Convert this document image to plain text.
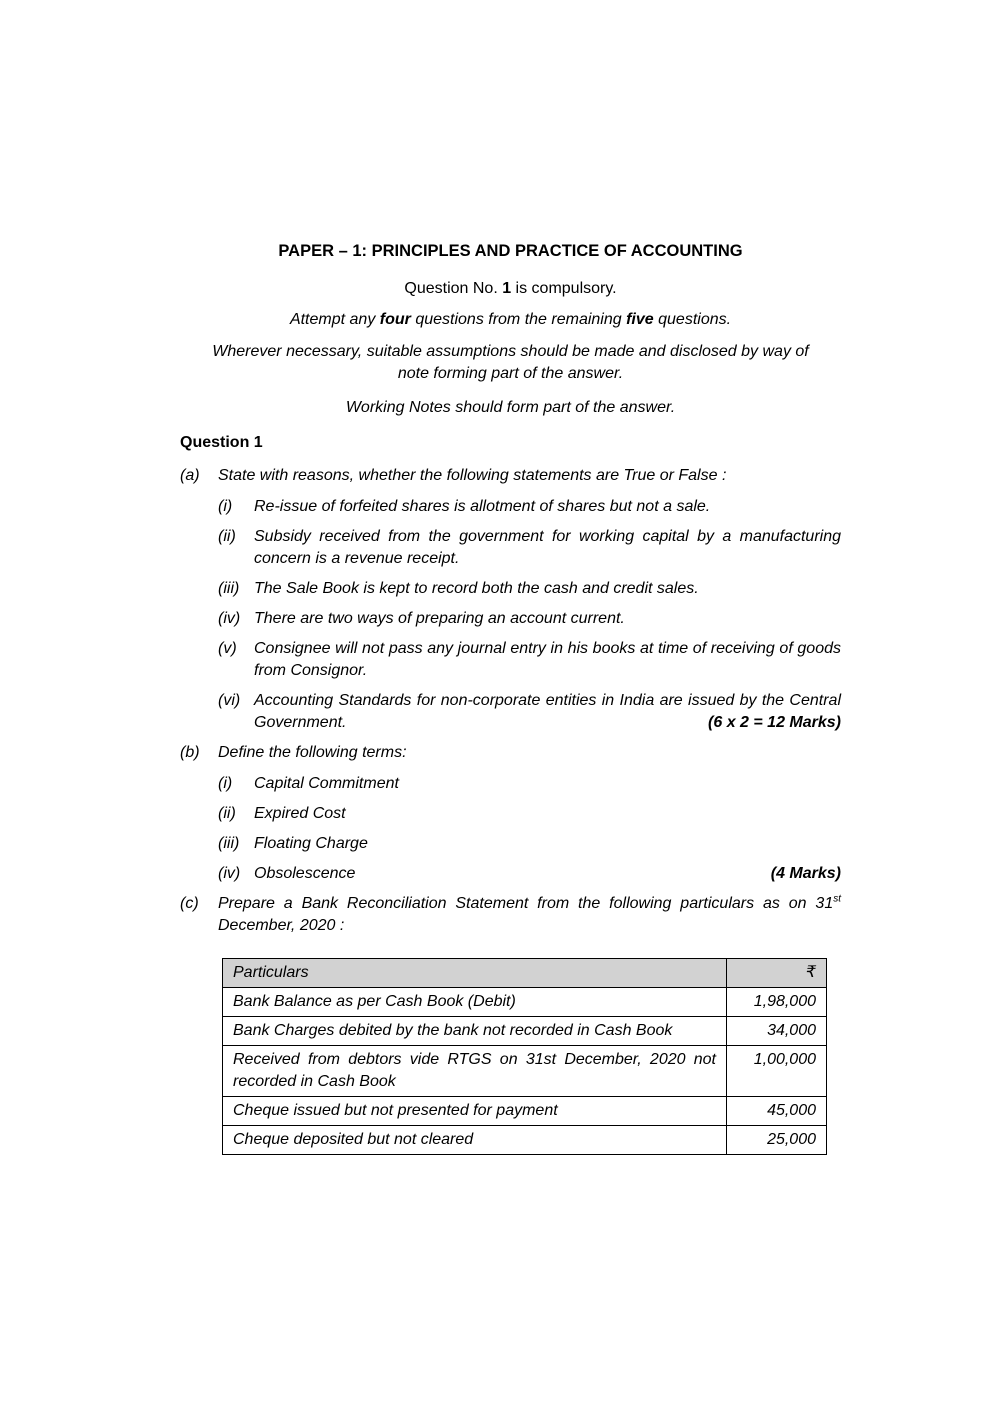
PAPER – 1: PRINCIPLES AND PRACTICE OF ACCOUNTING

Question No. 1 is compulsory.

Attempt any four questions from the remaining five questions.

Wherever necessary, suitable assumptions should be made and disclosed by way of note forming part of the answer.

Working Notes should form part of the answer.

Question 1
(a)	State with reasons, whether the following statements are True or False :

(i)	Re-issue of forfeited shares is allotment of shares but not a sale.
(ii)	Subsidy received from the government for working capital by a manufacturing concern is a revenue receipt.
(iii) The Sale Book is kept to record both the cash and credit sales.
(iv) There are two ways of preparing an account current.
(v)	Consignee will not pass any journal entry in his books at time of receiving of goods from Consignor.
(vi) Accounting Standards for non-corporate entities in India are issued by the Central Government.	(6 x 2 = 12 Marks)
(b)	Define the following terms:

(i)	Capital Commitment
(ii)	Expired Cost
(iii) Floating Charge
(iv) Obsolescence	(4 Marks)
(c)	Prepare a Bank Reconciliation Statement from the following particulars as on 31st December, 2020 :

Particulars	₹
Bank Balance as per Cash Book (Debit)	1,98,000
Bank Charges debited by the bank not recorded in Cash Book	34,000
Received from debtors vide RTGS on 31st December, 2020 not recorded in Cash Book	1,00,000
Cheque issued but not presented for payment	45,000
Cheque deposited but not cleared	25,000
